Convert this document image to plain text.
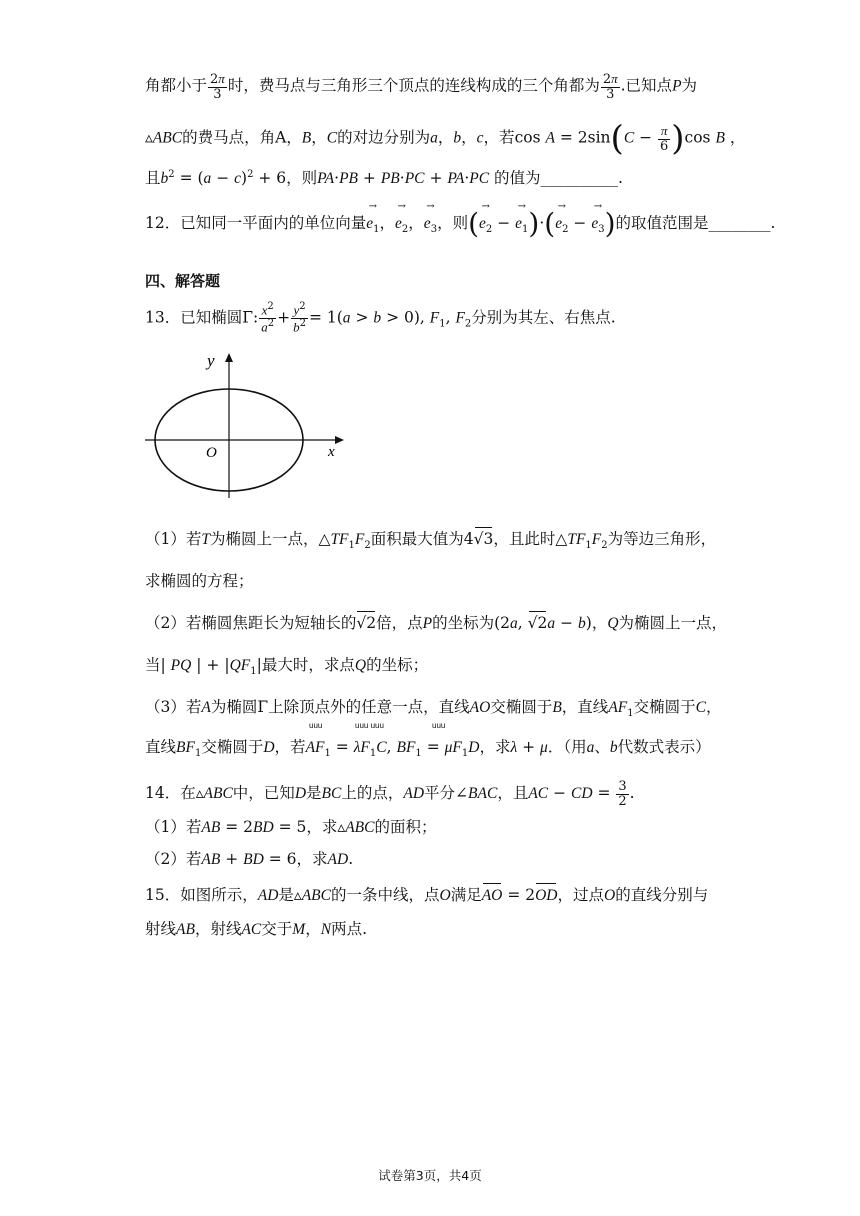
角都小于 $\frac{2\pi}{3}$ 时，费马点与三角形三个顶点的连线构成的三个角都为 $\frac{2\pi}{3}$ .已知点P为
▵ABC的费马点，角A，B，C的对边分别为a，b，c，若$\cos A = 2\sin(C - \frac{\pi}{6} )\cos$ B ，
且$b^2 = (a - c)^2 + 6$，则PA·PB + PB·PC + PA·PC 的值为__________.
12．已知同一平面内的单位向量→ $e_1$，→ $e_2$，→ $e_3$，则(→ $e_2$ − → $e_1)\cdot(\to e_2$ − → $e_3$)的取值范围是________.
四、解答题
13．已知椭圆Γ: $\frac{x^2}{a^2} + \frac{y^2}{b^2} = 1(a > b > 0)$, $F_1$, $F_2$分别为其左、右焦点.
y
x
O
（1）若T为椭圆上一点，$\triangle TF_1F_2$面积最大值为4√3，且此时$\triangle TF_1F_2$为等边三角形，
求椭圆的方程；
（2）若椭圆焦距长为短轴长的√2倍，点P的坐标为(2a, √2a − b)，Q为椭圆上一点，
当| PQ | + $|QF_1|$最大时，求点Q的坐标；
（3）若A为椭圆Γ上除顶点外的任意一点，直线AO交椭圆于B，直线$AF_1$交椭圆于C，
uuu	uuu uuu	uuu
直线$BF_1$交椭圆于D，若$AF_1 = \lambda F_1C$, $BF_1 = \mu F_1D$，求λ + μ．（用a、b代数式表示）
14．在▵ABC中，已知D是BC上的点，AD平分∠BAC，且AC − CD = $\frac{3}{2}$ .
（1）若AB = 2BD = 5，求▵ABC的面积；
（2）若AB + BD = 6，求AD.
15．如图所示，AD是▵ABC的一条中线，点O满足AO = 2OD，过点O的直线分别与
射线AB，射线AC交于M，N两点.
试卷第3页，共4页
